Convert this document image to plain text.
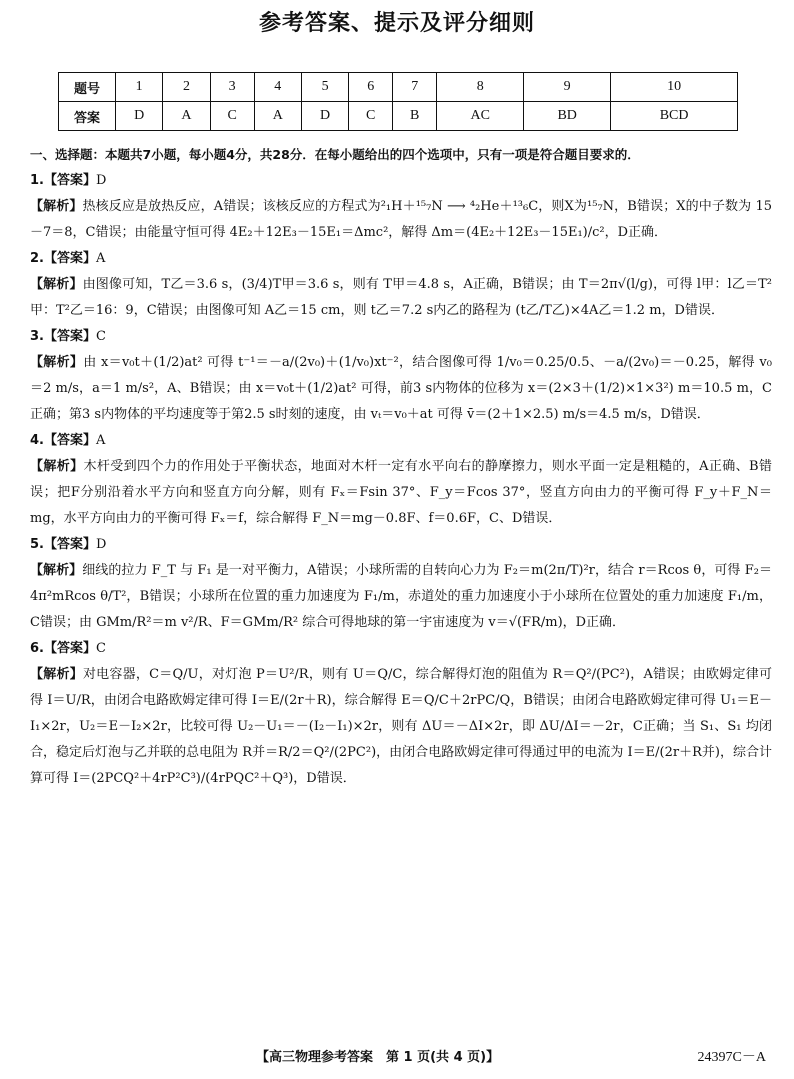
参考答案、提示及评分细则
题号	1	2	3	4	5	6	7	8	9	10
答案	D	A	C	A	D	C	B	AC	BD	BCD
一、选择题：本题共7小题，每小题4分，共28分．在每小题给出的四个选项中，只有一项是符合题目要求的．
1.【答案】D
【解析】热核反应是放热反应，A错误；该核反应的方程式为²₁H＋¹⁵₇N ⟶ ⁴₂He＋¹³₆C，则X为¹⁵₇N，B错误；X的中子数为 15－7＝8，C错误；由能量守恒可得 4E₂＋12E₃－15E₁＝Δmc²，解得 Δm＝(4E₂＋12E₃－15E₁)/c²，D正确．
2.【答案】A
【解析】由图像可知，T乙＝3.6 s，(3/4)T甲＝3.6 s，则有 T甲＝4.8 s，A正确，B错误；由 T＝2π√(l/g)，可得 l甲：l乙＝T²甲：T²乙＝16：9，C错误；由图像可知 A乙＝15 cm，则 t乙＝7.2 s内乙的路程为 (t乙/T乙)×4A乙＝1.2 m，D错误．
3.【答案】C
【解析】由 x＝v₀t＋(1/2)at² 可得 t⁻¹＝－a/(2v₀)＋(1/v₀)xt⁻²，结合图像可得 1/v₀＝0.25/0.5、－a/(2v₀)＝－0.25，解得 v₀＝2 m/s，a＝1 m/s²，A、B错误；由 x＝v₀t＋(1/2)at² 可得，前3 s内物体的位移为 x＝(2×3＋(1/2)×1×3²) m＝10.5 m，C正确；第3 s内物体的平均速度等于第2.5 s时刻的速度，由 vₜ＝v₀＋at 可得 v̄＝(2＋1×2.5) m/s＝4.5 m/s，D错误．
4.【答案】A
【解析】木杆受到四个力的作用处于平衡状态，地面对木杆一定有水平向右的静摩擦力，则水平面一定是粗糙的，A正确、B错误；把F分别沿着水平方向和竖直方向分解，则有 Fₓ＝Fsin 37°、F_y＝Fcos 37°，竖直方向由力的平衡可得 F_y＋F_N＝mg，水平方向由力的平衡可得 Fₓ＝f，综合解得 F_N＝mg－0.8F、f＝0.6F，C、D错误．
5.【答案】D
【解析】细线的拉力 F_T 与 F₁ 是一对平衡力，A错误；小球所需的自转向心力为 F₂＝m(2π/T)²r，结合 r＝Rcos θ，可得 F₂＝4π²mRcos θ/T²，B错误；小球所在位置的重力加速度为 F₁/m，赤道处的重力加速度小于小球所在位置处的重力加速度 F₁/m，C错误；由 GMm/R²＝m v²/R、F＝GMm/R² 综合可得地球的第一宇宙速度为 v＝√(FR/m)，D正确．
6.【答案】C
【解析】对电容器，C＝Q/U，对灯泡 P＝U²/R，则有 U＝Q/C，综合解得灯泡的阻值为 R＝Q²/(PC²)，A错误；由欧姆定律可得 I＝U/R，由闭合电路欧姆定律可得 I＝E/(2r＋R)，综合解得 E＝Q/C＋2rPC/Q，B错误；由闭合电路欧姆定律可得 U₁＝E－I₁×2r，U₂＝E－I₂×2r，比较可得 U₂－U₁＝－(I₂－I₁)×2r，则有 ΔU＝－ΔI×2r，即 ΔU/ΔI＝－2r，C正确；当 S₁、S₁ 均闭合，稳定后灯泡与乙并联的总电阻为 R并＝R/2＝Q²/(2PC²)，由闭合电路欧姆定律可得通过甲的电流为 I＝E/(2r＋R并)，综合计算可得 I＝(2PCQ²＋4rP²C³)/(4rPQC²＋Q³)，D错误．
【高三物理参考答案　第 1 页(共 4 页)】	24397C－A
